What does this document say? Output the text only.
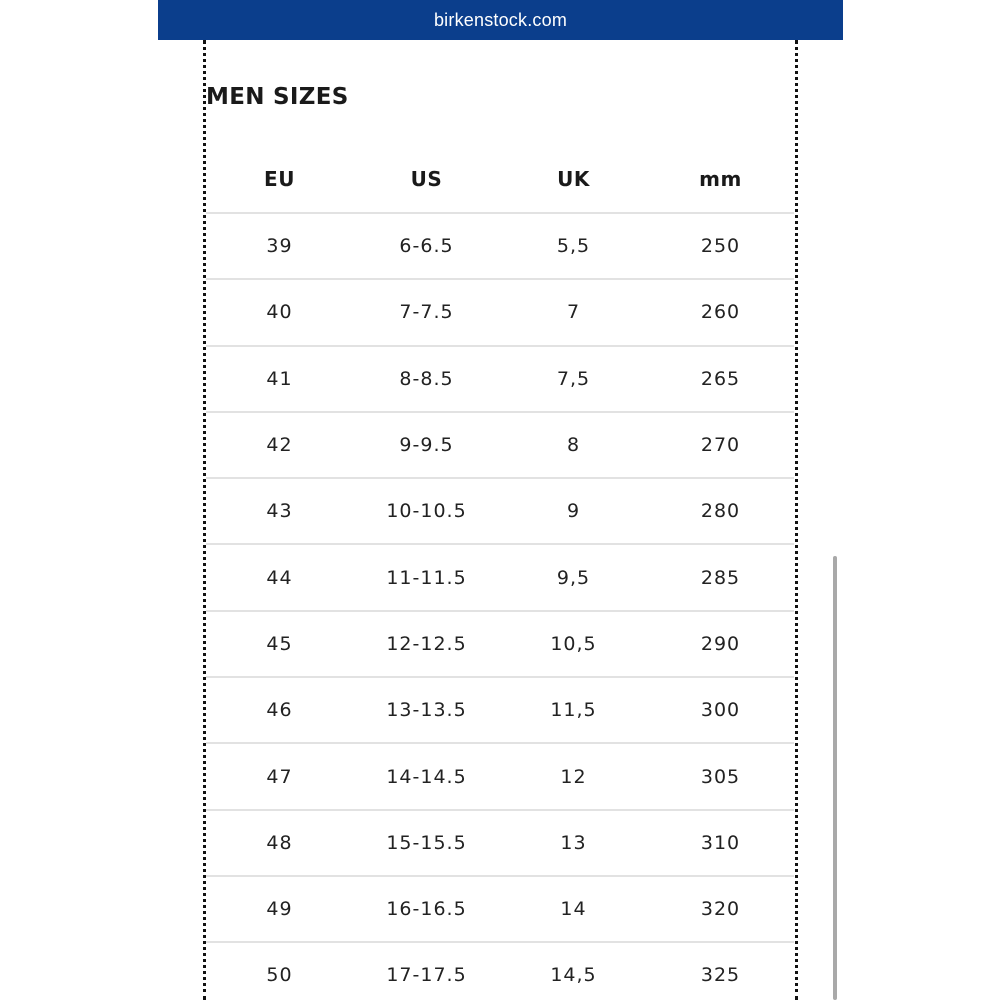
birkenstock.com
MEN SIZES
EU	US	UK	mm
39	6-6.5	5,5	250
40	7-7.5	7	260
41	8-8.5	7,5	265
42	9-9.5	8	270
43	10-10.5	9	280
44	11-11.5	9,5	285
45	12-12.5	10,5	290
46	13-13.5	11,5	300
47	14-14.5	12	305
48	15-15.5	13	310
49	16-16.5	14	320
50	17-17.5	14,5	325
